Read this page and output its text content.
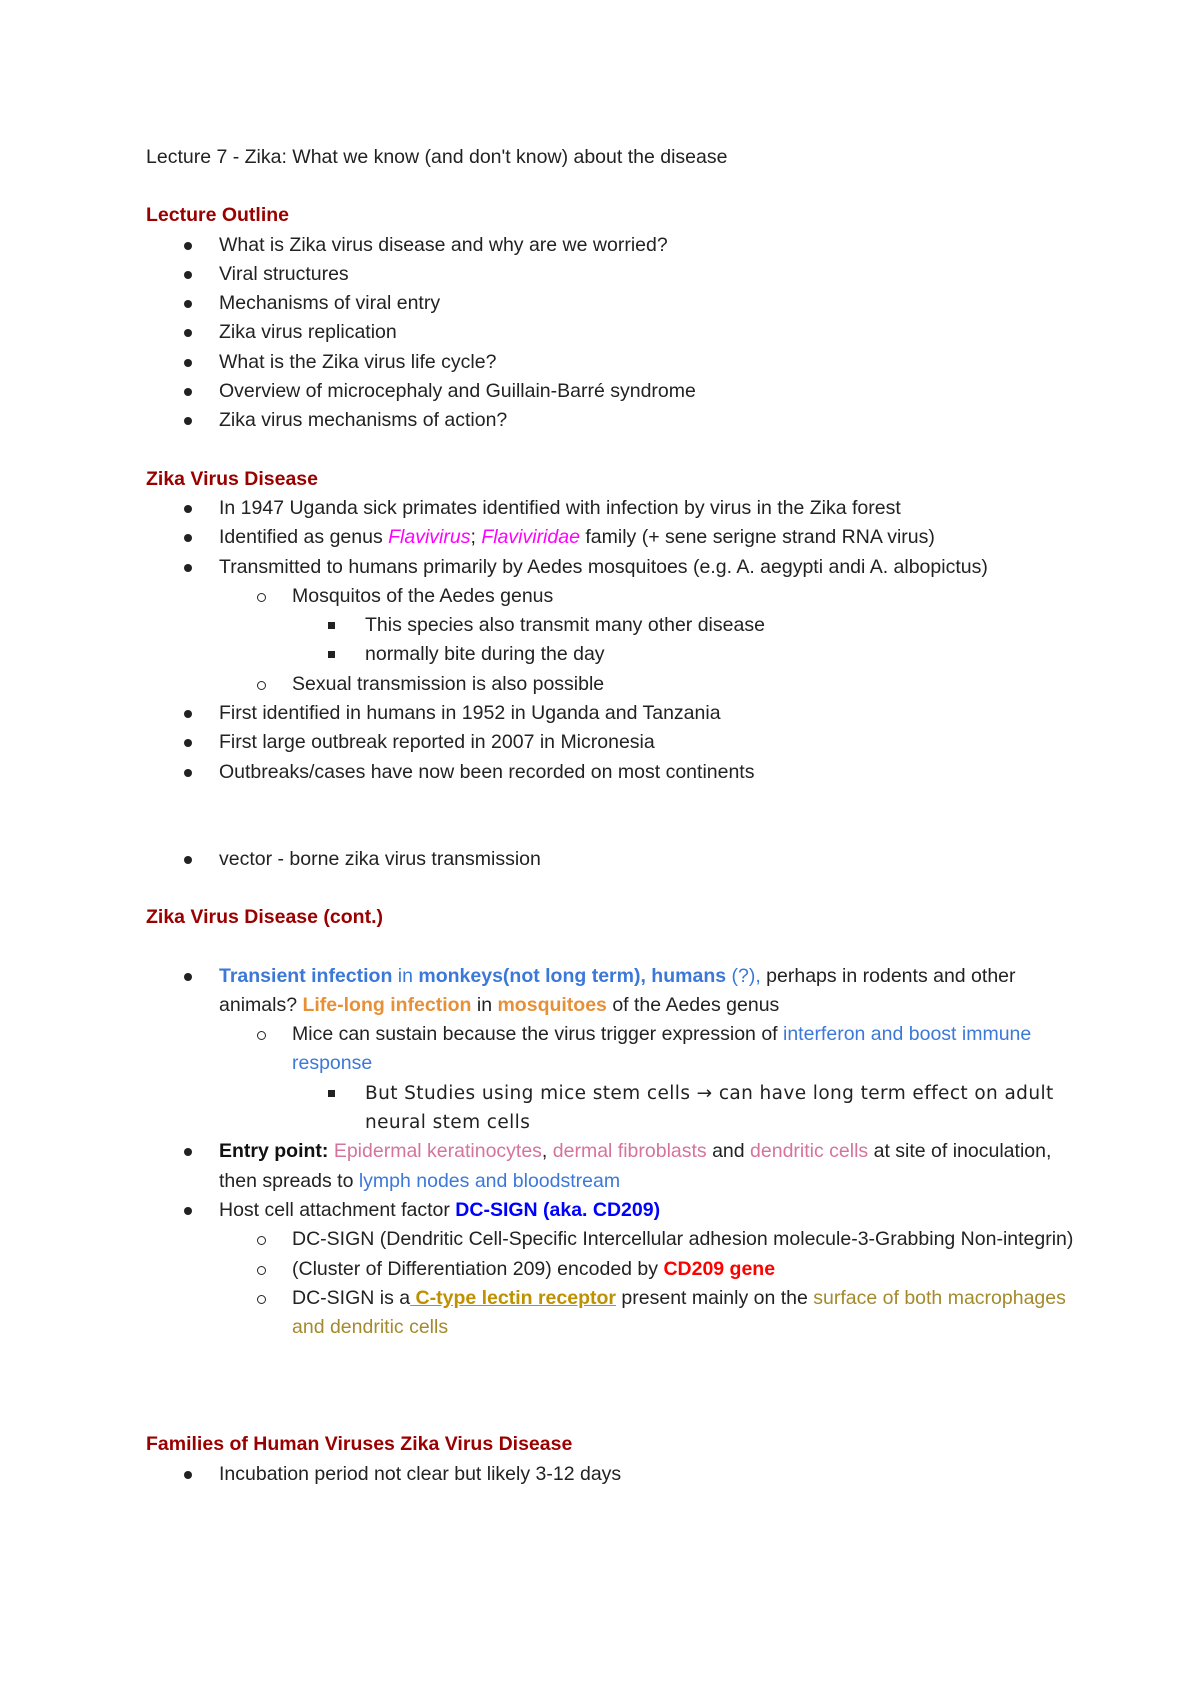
Lecture 7 - Zika: What we know (and don't know) about the disease

Lecture Outline

What is Zika virus disease and why are we worried?
Viral structures
Mechanisms of viral entry
Zika virus replication
What is the Zika virus life cycle?
Overview of microcephaly and Guillain-Barré syndrome
Zika virus mechanisms of action?

Zika Virus Disease

In 1947 Uganda sick primates identified with infection by virus in the Zika forest
Identified as genus Flavivirus; Flaviviridae family (+ sene serigne strand RNA virus)
Transmitted to humans primarily by Aedes mosquitoes (e.g. A. aegypti andi A. albopictus)
Mosquitos of the Aedes genus
This species also transmit many other disease
normally bite during the day
Sexual transmission is also possible
First identified in humans in 1952 in Uganda and Tanzania
First large outbreak reported in 2007 in Micronesia
Outbreaks/cases have now been recorded on most continents
vector - borne zika virus transmission

Zika Virus Disease (cont.)

Transient infection in monkeys(not long term), humans (?), perhaps in rodents and other animals? Life-long infection in mosquitoes of the Aedes genus
Mice can sustain because the virus trigger expression of interferon and boost immune response
But Studies using mice stem cells → can have long term effect on adult neural stem cells
Entry point: Epidermal keratinocytes, dermal fibroblasts and dendritic cells at site of inoculation, then spreads to lymph nodes and bloodstream
Host cell attachment factor DC-SIGN (aka. CD209)
DC-SIGN (Dendritic Cell-Specific Intercellular adhesion molecule-3-Grabbing Non-integrin)
(Cluster of Differentiation 209) encoded by CD209 gene
DC-SIGN is a C-type lectin receptor present mainly on the surface of both macrophages and dendritic cells

Families of Human Viruses Zika Virus Disease

Incubation period not clear but likely 3-12 days
